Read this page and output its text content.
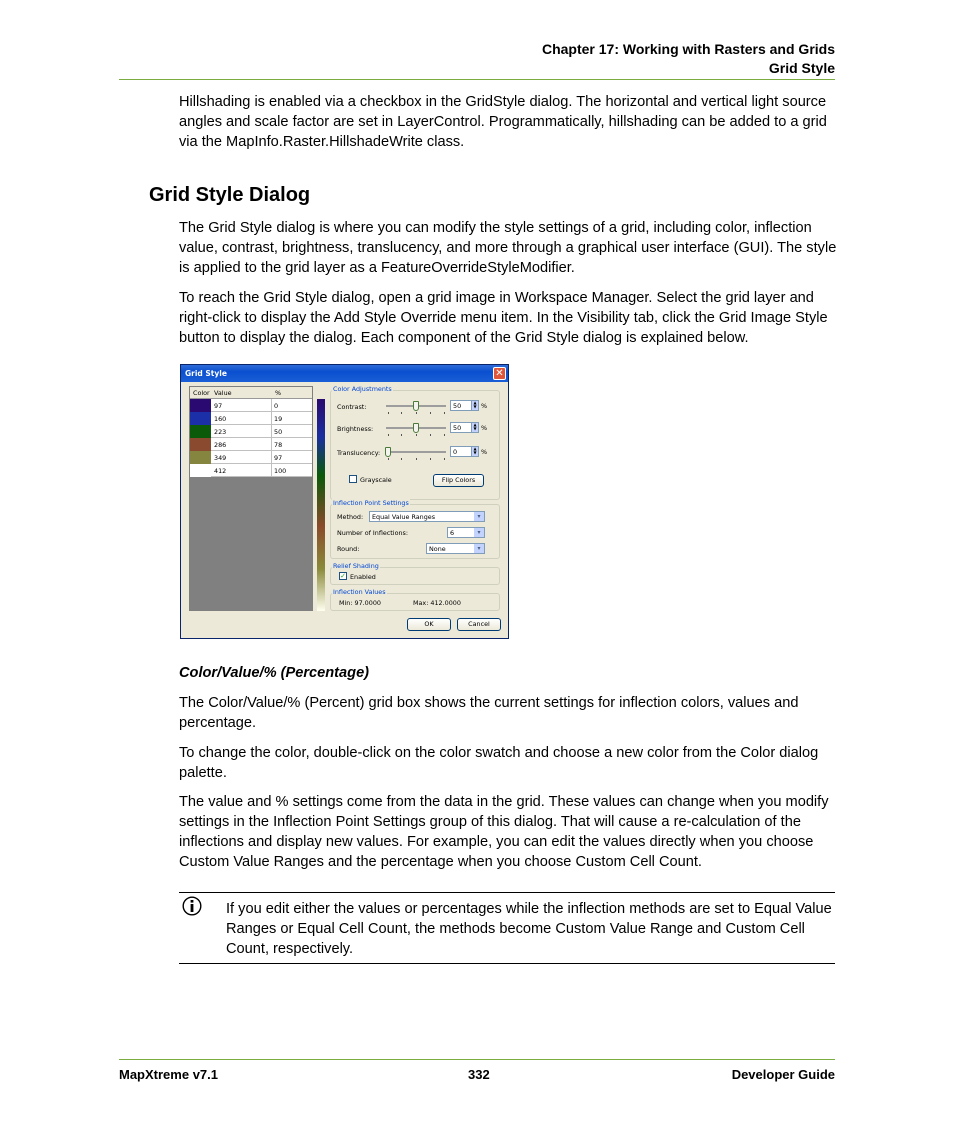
Chapter 17: Working with Rasters and Grids
Grid Style

Hillshading is enabled via a checkbox in the GridStyle dialog. The horizontal and vertical light source angles and scale factor are set in LayerControl. Programmatically, hillshading can be added to a grid via the MapInfo.Raster.HillshadeWrite class.

Grid Style Dialog

The Grid Style dialog is where you can modify the style settings of a grid, including color, inflection value, contrast, brightness, translucency, and more through a graphical user interface (GUI). The style is applied to the grid layer as a FeatureOverrideStyleModifier.

To reach the Grid Style dialog, open a grid image in Workspace Manager. Select the grid layer and right-click to display the Add Style Override menu item. In the Visibility tab, click the Grid Image Style button to display the dialog. Each component of the Grid Style dialog is explained below.

Grid Style	✕
Color Value	%
97	0
160	19
223	50
286	78
349	97
412	100
Color Adjustments
Contrast:	50	▲
▼ %
Brightness:	50	▲
▼ %
Translucency:	0	▲
▼ %
Grayscale	Flip Colors
Inflection Point Settings
Method:	Equal Value Ranges	▾
Number of Inflections:	6	▾
Round:	None	▾
Relief Shading
✓ Enabled
Inflection Values
Min: 97.0000	Max: 412.0000
OK	Cancel
Color/Value/% (Percentage)

The Color/Value/% (Percent) grid box shows the current settings for inflection colors, values and percentage.

To change the color, double-click on the color swatch and choose a new color from the Color dialog palette.

The value and % settings come from the data in the grid. These values can change when you modify settings in the Inflection Point Settings group of this dialog. That will cause a re-calculation of the inflections and display new values. For example, you can edit the values directly when you choose Custom Value Ranges and the percentage when you choose Custom Cell Count.

If you edit either the values or percentages while the inflection methods are set to Equal Value Ranges or Equal Cell Count, the methods become Custom Value Range and Custom Cell Count, respectively.

MapXtreme v7.1	332	Developer Guide
